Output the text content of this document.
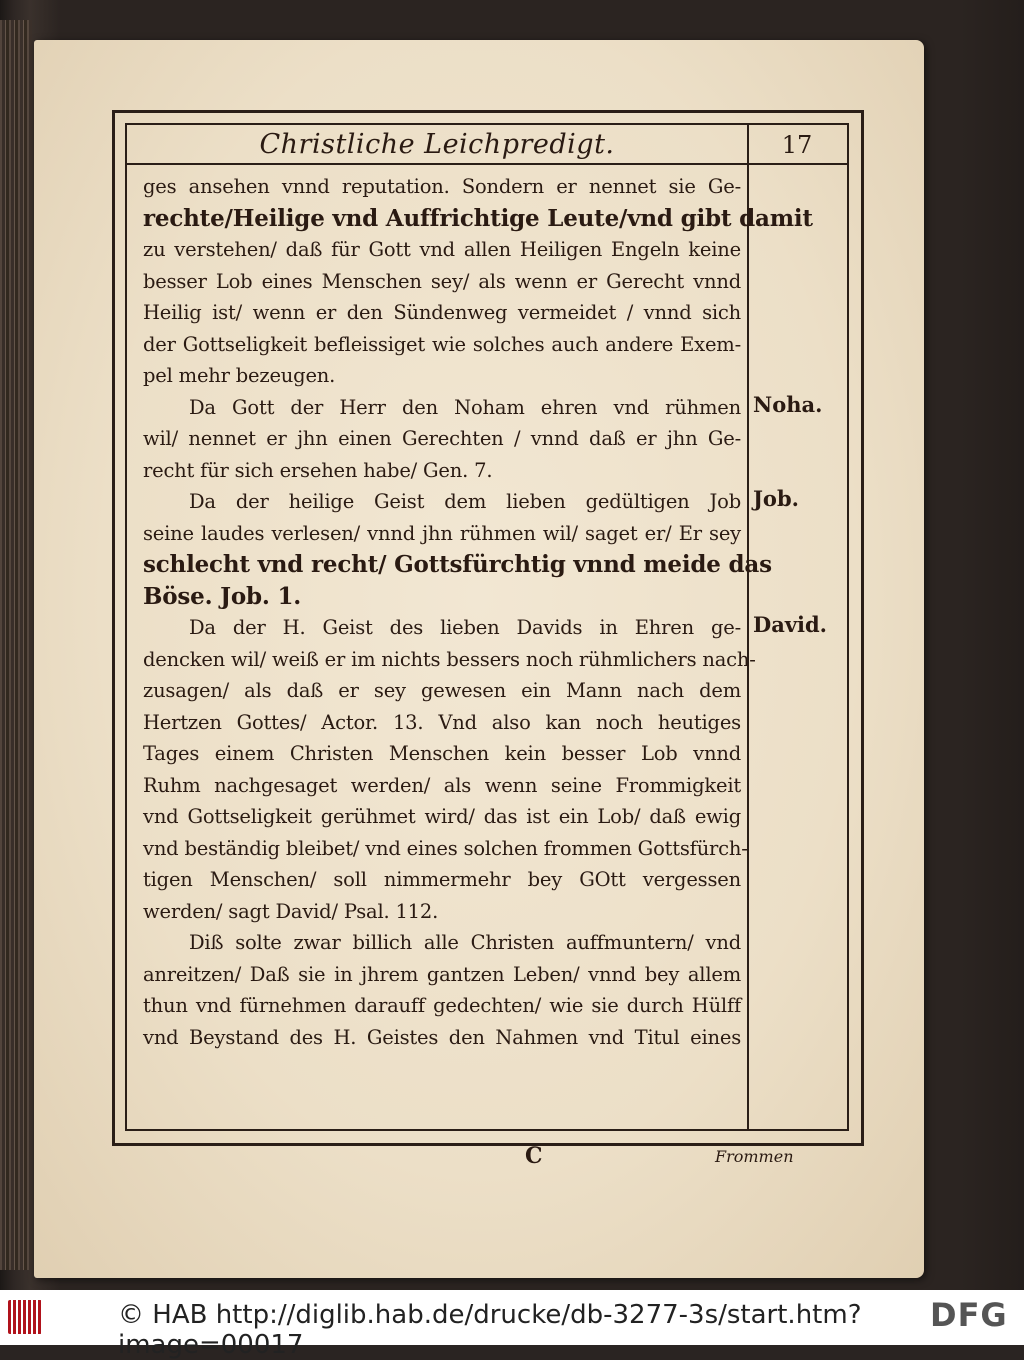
Christliche Leichpredigt.	17
ges ansehen vnnd reputation. Sondern er nennet sie Ge-
rechte/Heilige vnd Auffrichtige Leute/vnd gibt damit
zu verstehen/ daß für Gott vnd allen Heiligen Engeln keine
besser Lob eines Menschen sey/ als wenn er Gerecht vnnd
Heilig ist/ wenn er den Sündenweg vermeidet / vnnd sich
der Gottseligkeit befleissiget wie solches auch andere Exem-
pel mehr bezeugen.
Da Gott der Herr den Noham ehren vnd rühmen
wil/ nennet er jhn einen Gerechten / vnnd daß er jhn Ge-
recht für sich ersehen habe/ Gen. 7.
Da der heilige Geist dem lieben gedültigen Job
seine laudes verlesen/ vnnd jhn rühmen wil/ saget er/ Er sey
schlecht vnd recht/ Gottsfürchtig vnnd meide das
Böse. Job. 1.
Da der H. Geist des lieben Davids in Ehren ge-
dencken wil/ weiß er im nichts bessers noch rühmlichers nach-
zusagen/ als daß er sey gewesen ein Mann nach dem
Hertzen Gottes/ Actor. 13. Vnd also kan noch heutiges
Tages einem Christen Menschen kein besser Lob vnnd
Ruhm nachgesaget werden/ als wenn seine Frommigkeit
vnd Gottseligkeit gerühmet wird/ das ist ein Lob/ daß ewig
vnd beständig bleibet/ vnd eines solchen frommen Gottsfürch-
tigen Menschen/ soll nimmermehr bey GOtt vergessen
werden/ sagt David/ Psal. 112.
Diß solte zwar billich alle Christen auffmuntern/ vnd
anreitzen/ Daß sie in jhrem gantzen Leben/ vnnd bey allem
thun vnd fürnehmen darauff gedechten/ wie sie durch Hülff
vnd Beystand des H. Geistes den Nahmen vnd Titul eines
Noha.
Job.
David.
C	Frommen
© HAB http://diglib.hab.de/drucke/db-3277-3s/start.htm?image=00017
DFG
